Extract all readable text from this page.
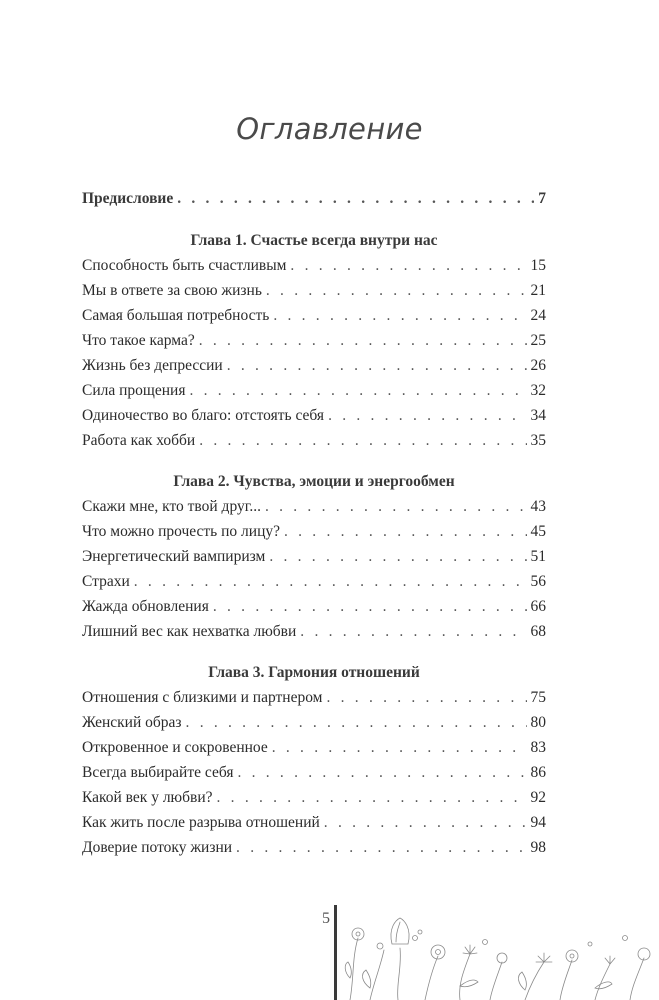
Оглавление
Предисловие . . .	7
Глава 1. Счастье всегда внутри нас
Способность быть счастливым . . .	15
Мы в ответе за свою жизнь . . .	21
Самая большая потребность . . .	24
Что такое карма? . . .	25
Жизнь без депрессии . . .	26
Сила прощения . . .	32
Одиночество во благо: отстоять себя . . .	34
Работа как хобби . . .	35
Глава 2. Чувства, эмоции и энергообмен
Скажи мне, кто твой друг... . . .	43
Что можно прочесть по лицу? . . .	45
Энергетический вампиризм . . .	51
Страхи . . .	56
Жажда обновления . . .	66
Лишний вес как нехватка любви . . .	68
Глава 3. Гармония отношений
Отношения с близкими и партнером . . .	75
Женский образ . . .	80
Откровенное и сокровенное . . .	83
Всегда выбирайте себя . . .	86
Какой век у любви? . . .	92
Как жить после разрыва отношений . . .	94
Доверие потоку жизни . . .	98
5
